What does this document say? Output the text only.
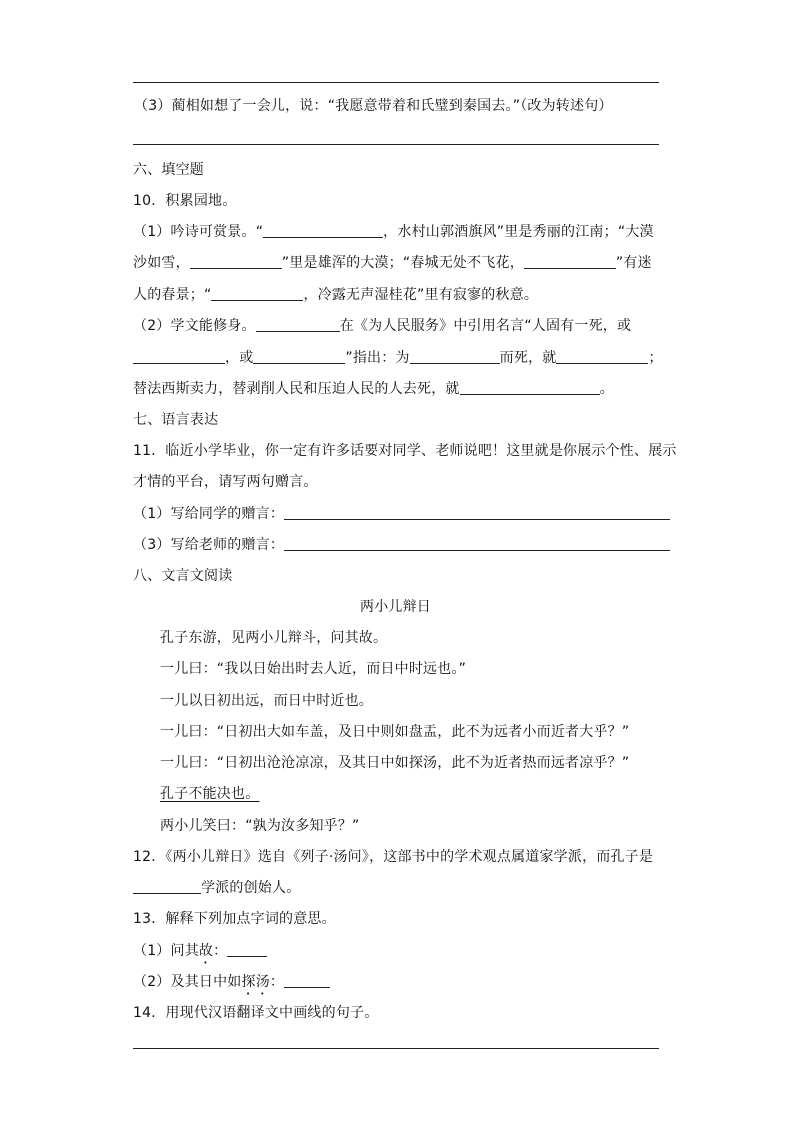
（3）蔺相如想了一会儿，说：“我愿意带着和氏璧到秦国去。”（改为转述句）
六、填空题
10．积累园地。
（1）吟诗可赏景。“	，水村山郭酒旗风”里是秀丽的江南；“大漠
沙如雪，	”里是雄浑的大漠；“春城无处不飞花，	”有迷
人的春景；“	，冷露无声湿桂花”里有寂寥的秋意。
（2）学文能修身。	在《为人民服务》中引用名言“人固有一死，或
，或	”指出：为	而死，就	；
替法西斯卖力，替剥削人民和压迫人民的人去死，就	。
七、语言表达
11．临近小学毕业，你一定有许多话要对同学、老师说吧！这里就是你展示个性、展示
才情的平台，请写两句赠言。
（1）写给同学的赠言：
（3）写给老师的赠言：
八、文言文阅读
两小儿辩日
孔子东游，见两小儿辩斗，问其故。
一儿曰：“我以日始出时去人近，而日中时远也。”
一儿以日初出远，而日中时近也。
一儿曰：“日初出大如车盖，及日中则如盘盂，此不为远者小而近者大乎？”
一儿曰：“日初出沧沧凉凉，及其日中如探汤，此不为近者热而远者凉乎？”
孔子不能决也。
两小儿笑曰：“孰为汝多知乎？”
12．《两小儿辩日》选自《列子·汤问》，这部书中的学术观点属道家学派，而孔子是
学派的创始人。
13．解释下列加点字词的意思。
（1）问其故：
（2）及其日中如探汤：
14．用现代汉语翻译文中画线的句子。
